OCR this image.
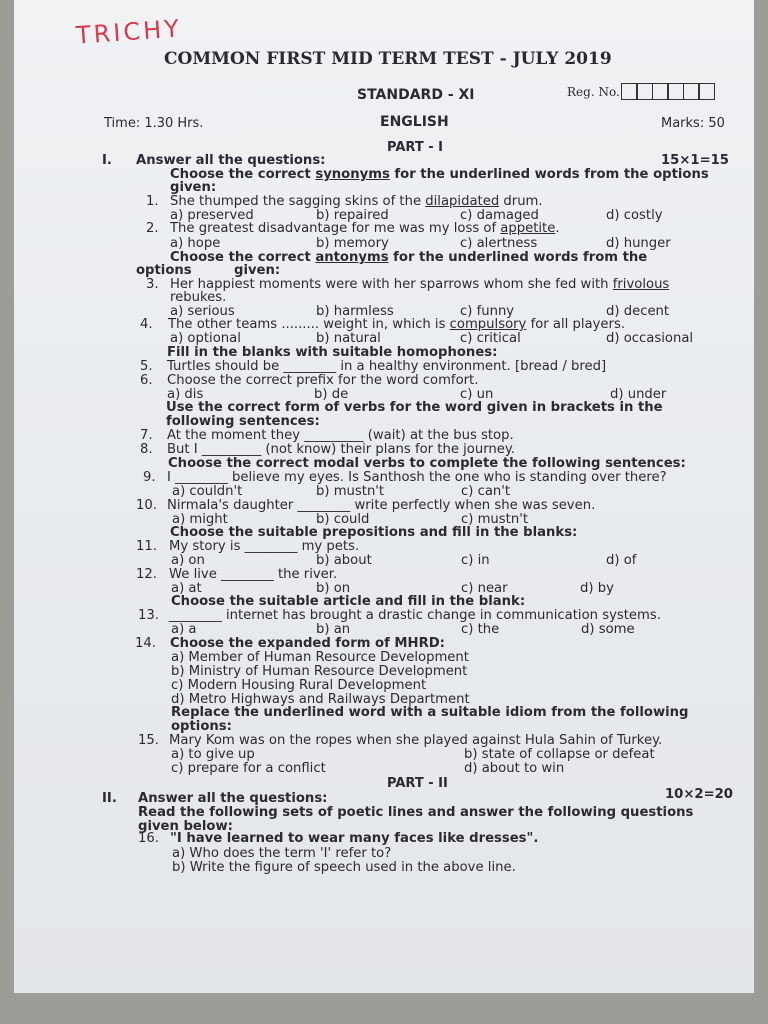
TRICHY
COMMON FIRST MID TERM TEST - JULY 2019
STANDARD - XI	Reg. No.
Time: 1.30 Hrs.	ENGLISH	Marks: 50
PART - I
I. Answer all the questions:	15×1=15
PART - II
II. Answer all the questions:	10×2=20
Choose the correct synonyms for the underlined words from the options
given:
1. She thumped the sagging skins of the dilapidated drum.
a) preserved	b) repaired	c) damaged	d) costly
2. The greatest disadvantage for me was my loss of appetite.
a) hope	b) memory	c) alertness	d) hunger
Choose the correct antonyms for the underlined words from the
options	given:
3. Her happiest moments were with her sparrows whom she fed with frivolous
rebukes.
a) serious	b) harmless	c) funny	d) decent
4. The other teams ......... weight in, which is compulsory for all players.
a) optional	b) natural	c) critical	d) occasional
Fill in the blanks with suitable homophones:
5. Turtles should be ________ in a healthy environment. [bread / bred]
6. Choose the correct prefix for the word comfort.
a) dis	b) de	c) un	d) under
Use the correct form of verbs for the word given in brackets in the
following sentences:
7. At the moment they _________ (wait) at the bus stop.
8. But I _________ (not know) their plans for the journey.
Choose the correct modal verbs to complete the following sentences:
9. I ________ believe my eyes. Is Santhosh the one who is standing over there?
a) couldn't	b) mustn't	c) can't
10. Nirmala's daughter ________ write perfectly when she was seven.
a) might	b) could	c) mustn't
Choose the suitable prepositions and fill in the blanks:
11. My story is ________ my pets.
a) on	b) about	c) in	d) of
12. We live ________ the river.
a) at	b) on	c) near	d) by
Choose the suitable article and fill in the blank:
13. ________ internet has brought a drastic change in communication systems.
a) a	b) an	c) the	d) some
14. Choose the expanded form of MHRD:
a) Member of Human Resource Development
b) Ministry of Human Resource Development
c) Modern Housing Rural Development
d) Metro Highways and Railways Department
Replace the underlined word with a suitable idiom from the following
options:
15. Mary Kom was on the ropes when she played against Hula Sahin of Turkey.
a) to give up	b) state of collapse or defeat
c) prepare for a conflict	d) about to win
Read the following sets of poetic lines and answer the following questions
given below:
16. "I have learned to wear many faces like dresses".
a) Who does the term 'I' refer to?
b) Write the figure of speech used in the above line.
